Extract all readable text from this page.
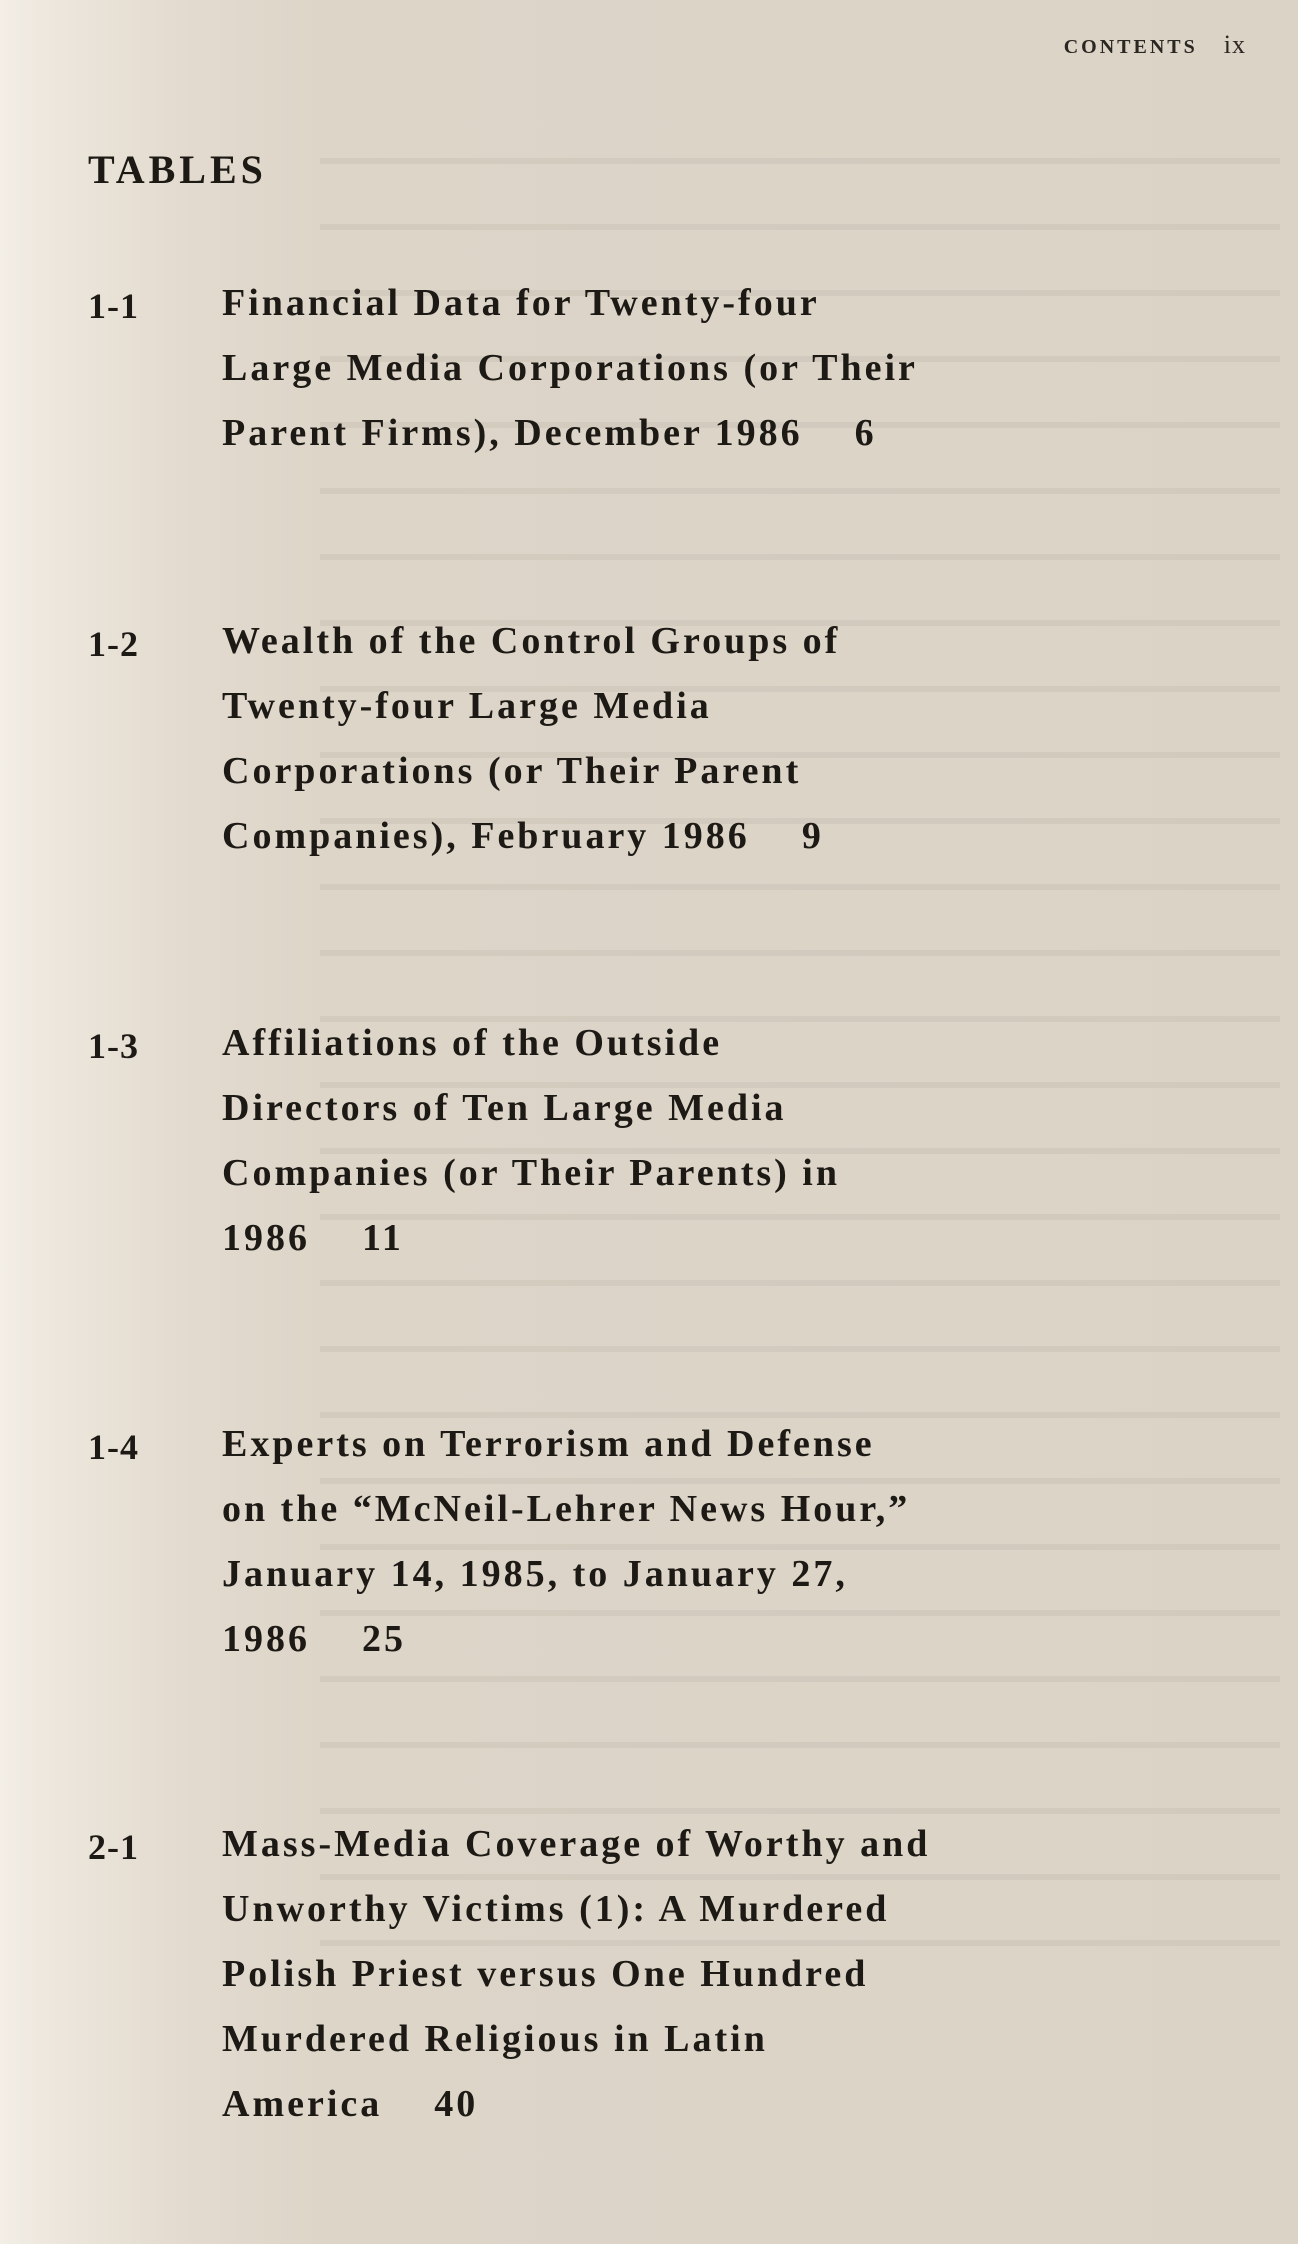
CONTENTS ix
TABLES
1-1 Financial Data for Twenty-four
Large Media Corporations (or Their
Parent Firms), December 1986 6
1-2 Wealth of the Control Groups of
Twenty-four Large Media
Corporations (or Their Parent
Companies), February 1986 9
1-3 Affiliations of the Outside
Directors of Ten Large Media
Companies (or Their Parents) in
1986 11
1-4 Experts on Terrorism and Defense
on the “McNeil-Lehrer News Hour,”
January 14, 1985, to January 27,
1986 25
2-1 Mass-Media Coverage of Worthy and
Unworthy Victims (1): A Murdered
Polish Priest versus One Hundred
Murdered Religious in Latin
America 40
